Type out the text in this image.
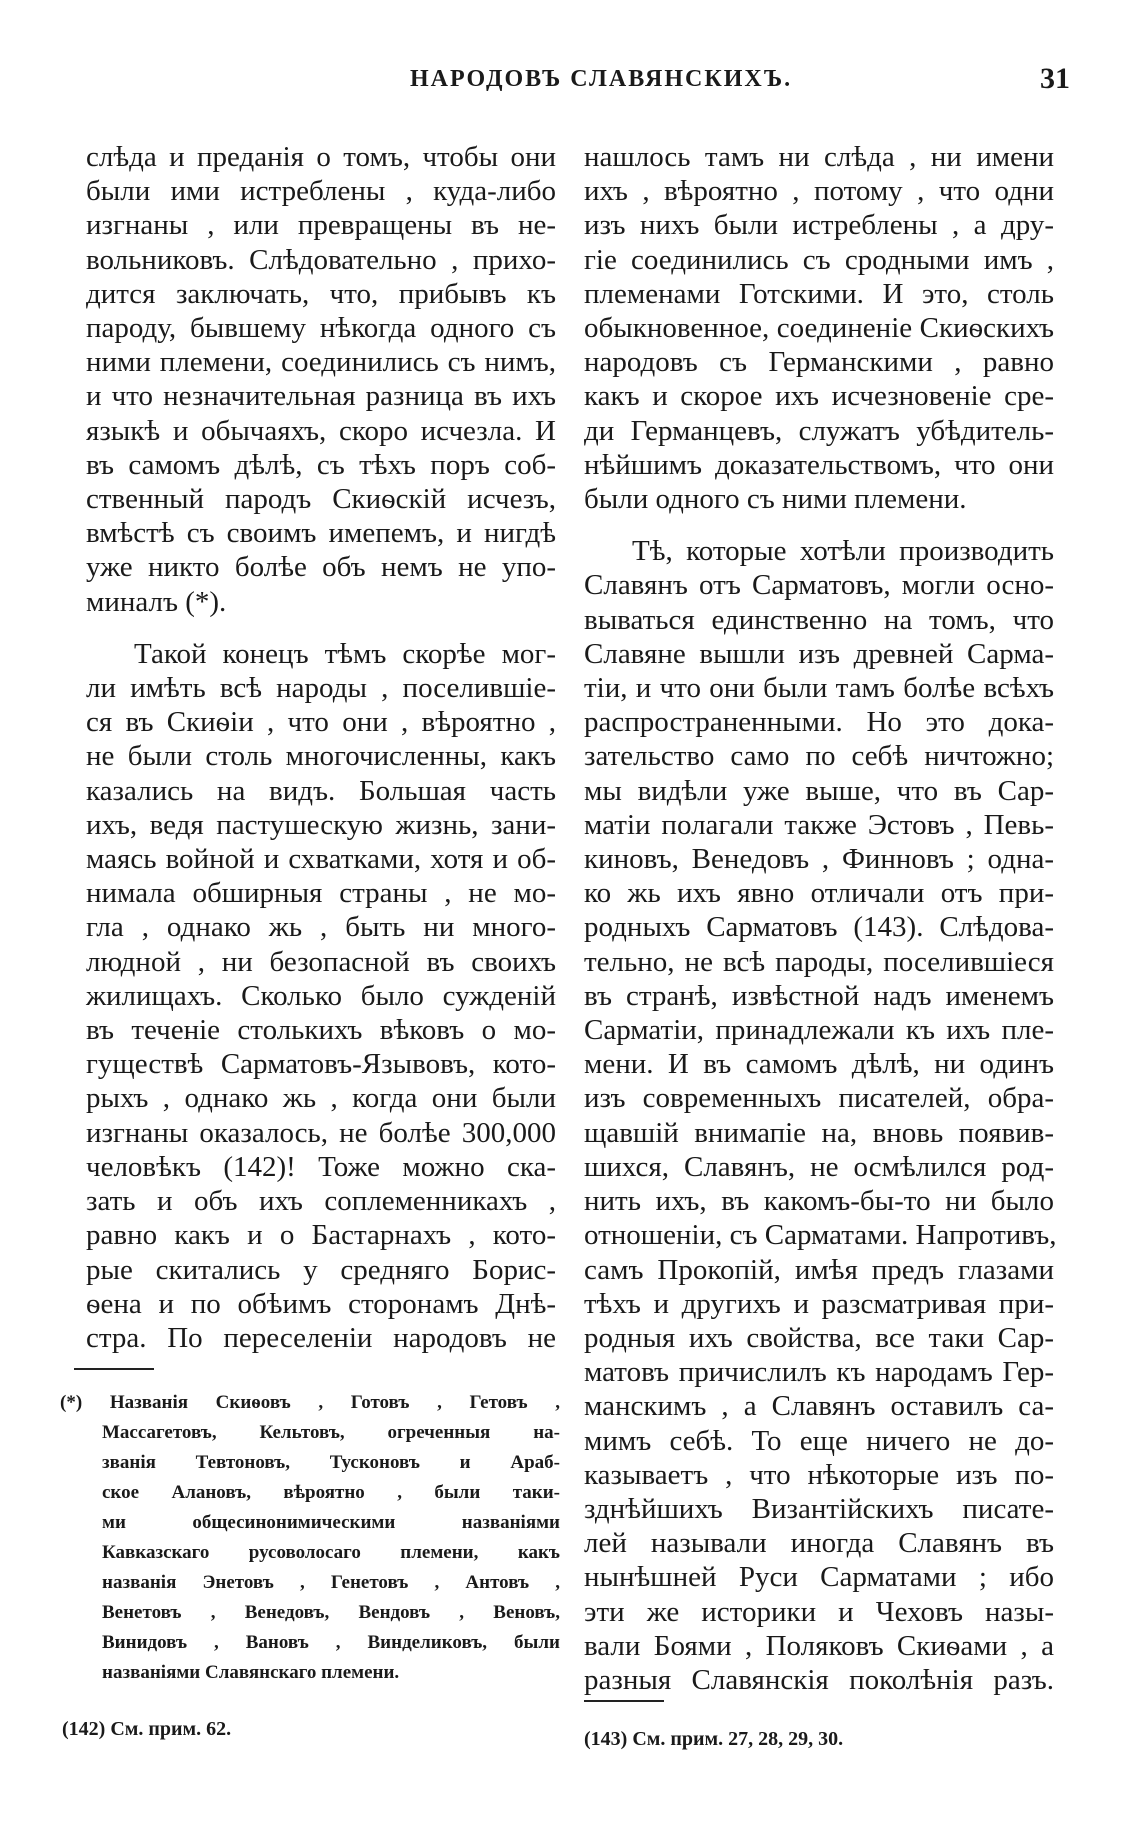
НАРОДОВЪ СЛАВЯНСКИХЪ.	31

слѣда и преданія о томъ, чтобы они
были ими истреблены , куда-либо
изгнаны , или превращены въ не-
вольниковъ. Слѣдовательно , прихо-
дится заключать, что, прибывъ къ
пароду, бывшему нѣкогда одного съ
ними племени, соединились съ нимъ,
и что незначительная разница въ ихъ
языкѣ и обычаяхъ, скоро исчезла. И
въ самомъ дѣлѣ, съ тѣхъ поръ соб-
ственный пародъ Скиѳскій исчезъ,
вмѣстѣ съ своимъ имепемъ, и нигдѣ
уже никто болѣе объ немъ не упо-
миналъ (*).

Такой конецъ тѣмъ скорѣе мог-
ли имѣть всѣ народы , поселившіе-
ся въ Скиѳіи , что они , вѣроятно ,
не были столь многочисленны, какъ
казались на видъ. Большая часть
ихъ, ведя пастушескую жизнь, зани-
маясь войной и схватками, хотя и об-
нимала обширныя страны , не мо-
гла , однако жь , быть ни много-
людной , ни безопасной въ своихъ
жилищахъ. Сколько было сужденій
въ теченіе столькихъ вѣковъ о мо-
гуществѣ Сарматовъ-Язывовъ, кото-
рыхъ , однако жь , когда они были
изгнаны оказалось, не болѣе 300,000
человѣкъ (142)! Тоже можно ска-
зать и объ ихъ соплеменникахъ ,
равно какъ и о Бастарнахъ , кото-
рые скитались у средняго Борис-
ѳена и по обѣимъ сторонамъ Днѣ-
стра. По переселеніи народовъ не

(*) Названія Скиѳовъ , Готовъ , Гетовъ ,
Массагетовъ, Кельтовъ, огреченныя на-
званія Тевтоновъ, Тусконовъ и Араб-
ское Алановъ, вѣроятно , были таки-
ми общесинонимическими названіями
Кавказскаго русоволосаго племени, какъ
названія Энетовъ , Генетовъ , Антовъ ,
Венетовъ , Венедовъ, Вендовъ , Веновъ,
Винидовъ , Вановъ , Винделиковъ, были
названіями Славянскаго племени.
(142) См. прим. 62.

нашлось тамъ ни слѣда , ни имени
ихъ , вѣроятно , потому , что одни
изъ нихъ были истреблены , а дру-
гіе соединились съ сродными имъ ,
племенами Готскими. И это, столь
обыкновенное, соединеніе Скиѳскихъ
народовъ съ Германскими , равно
какъ и скорое ихъ исчезновеніе сре-
ди Германцевъ, служатъ убѣдитель-
нѣйшимъ доказательствомъ, что они
были одного съ ними племени.

Тѣ, которые хотѣли производить
Славянъ отъ Сарматовъ, могли осно-
вываться единственно на томъ, что
Славяне вышли изъ древней Сарма-
тіи, и что они были тамъ болѣе всѣхъ
распространенными. Но это дока-
зательство само по себѣ ничтожно;
мы видѣли уже выше, что въ Сар-
матіи полагали также Эстовъ , Певь-
киновъ, Венедовъ , Финновъ ; одна-
ко жь ихъ явно отличали отъ при-
родныхъ Сарматовъ (143). Слѣдова-
тельно, не всѣ пароды, поселившіеся
въ странѣ, извѣстной надъ именемъ
Сарматіи, принадлежали къ ихъ пле-
мени. И въ самомъ дѣлѣ, ни одинъ
изъ современныхъ писателей, обра-
щавшій внимапіе на, вновь появив-
шихся, Славянъ, не осмѣлился род-
нить ихъ, въ какомъ-бы-то ни было
отношеніи, съ Сарматами. Напротивъ,
самъ Прокопій, имѣя предъ глазами
тѣхъ и другихъ и разсматривая при-
родныя ихъ свойства, все таки Сар-
матовъ причислилъ къ народамъ Гер-
манскимъ , а Славянъ оставилъ са-
мимъ себѣ. То еще ничего не до-
казываетъ , что нѣкоторые изъ по-
зднѣйшихъ Византійскихъ писате-
лей называли иногда Славянъ въ
нынѣшней Руси Сарматами ; ибо
эти же историки и Чеховъ назы-
вали Боями , Поляковъ Скиѳами , а
разныя Славянскія поколѣнія разъ.

(143) См. прим. 27, 28, 29, 30.
